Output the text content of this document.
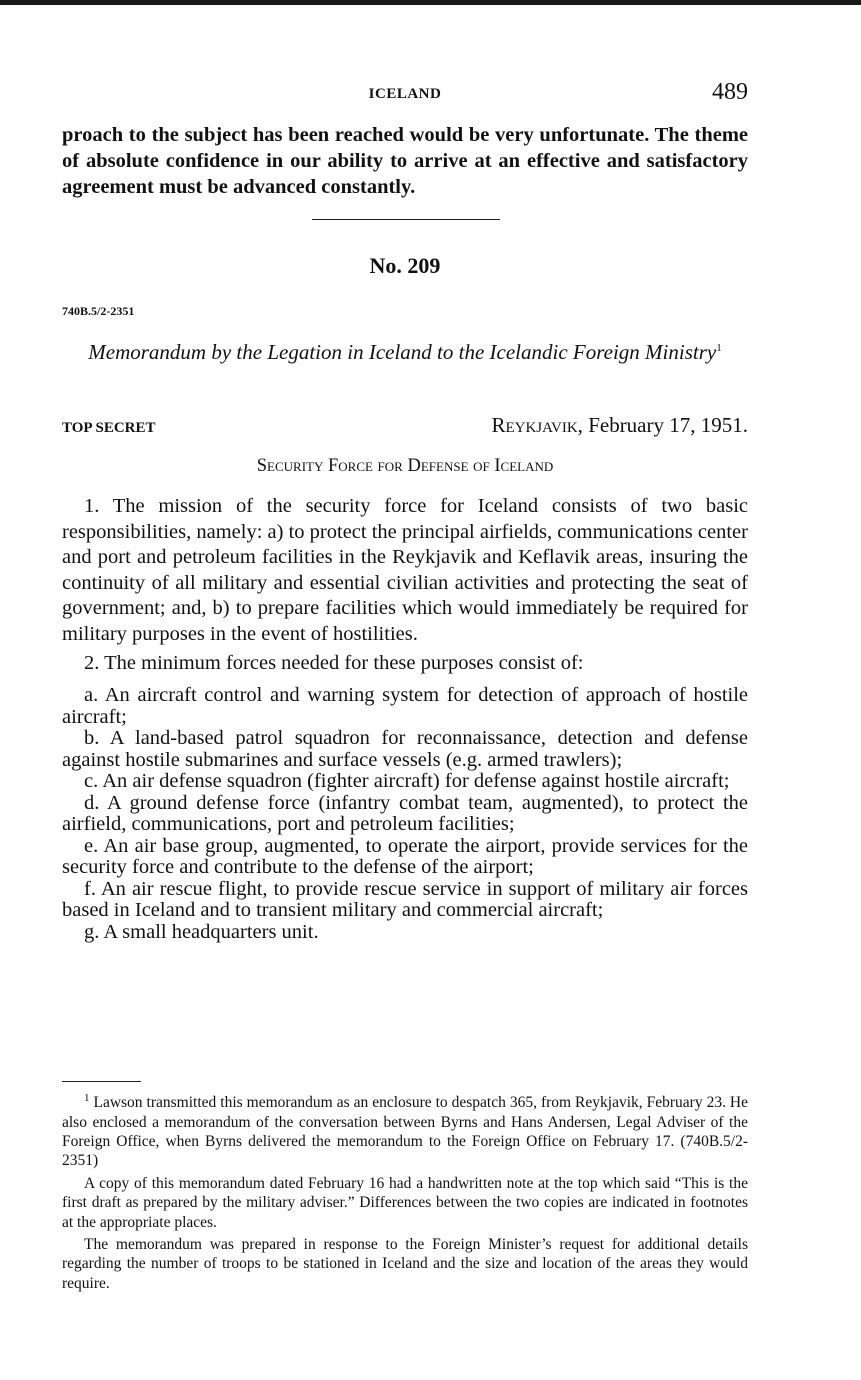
ICELAND	489

proach to the subject has been reached would be very unfortunate. The theme of absolute confidence in our ability to arrive at an effective and satisfactory agreement must be advanced constantly.

No. 209
740B.5/2-2351

Memorandum by the Legation in Iceland to the Icelandic Foreign Ministry$^1$

TOP SECRET	Reykjavik, February 17, 1951.
Security Force for Defense of Iceland

1. The mission of the security force for Iceland consists of two basic responsibilities, namely: a) to protect the principal airfields, communications center and port and petroleum facilities in the Reykjavik and Keflavik areas, insuring the continuity of all military and essential civilian activities and protecting the seat of government; and, b) to prepare facilities which would immediately be required for military purposes in the event of hostilities.

2. The minimum forces needed for these purposes consist of:

a. An aircraft control and warning system for detection of approach of hostile aircraft;

b. A land-based patrol squadron for reconnaissance, detection and defense against hostile submarines and surface vessels (e.g. armed trawlers);

c. An air defense squadron (fighter aircraft) for defense against hostile aircraft;

d. A ground defense force (infantry combat team, augmented), to protect the airfield, communications, port and petroleum facilities;

e. An air base group, augmented, to operate the airport, provide services for the security force and contribute to the defense of the airport;

f. An air rescue flight, to provide rescue service in support of military air forces based in Iceland and to transient military and commercial aircraft;

g. A small headquarters unit.

$^1$ Lawson transmitted this memorandum as an enclosure to despatch 365, from Reykjavik, February 23. He also enclosed a memorandum of the conversation between Byrns and Hans Andersen, Legal Adviser of the Foreign Office, when Byrns delivered the memorandum to the Foreign Office on February 17. (740B.5/2-2351)

A copy of this memorandum dated February 16 had a handwritten note at the top which said “This is the first draft as prepared by the military adviser.” Differences between the two copies are indicated in footnotes at the appropriate places.

The memorandum was prepared in response to the Foreign Minister’s request for additional details regarding the number of troops to be stationed in Iceland and the size and location of the areas they would require.
